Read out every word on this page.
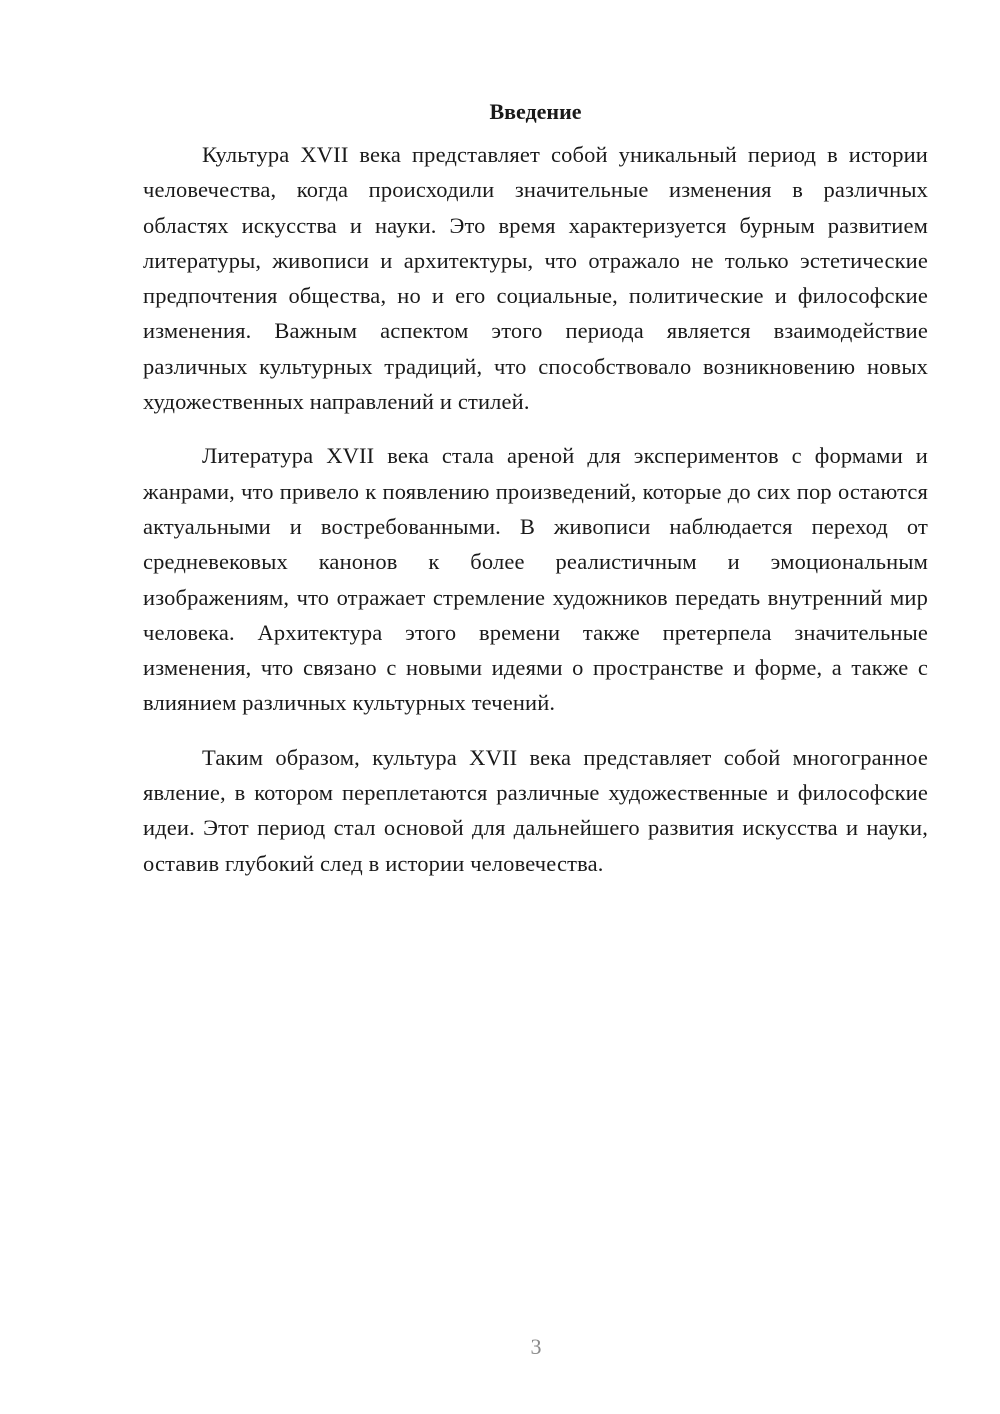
Введение

Культура XVII века представляет собой уникальный период в истории человечества, когда происходили значительные изменения в различных областях искусства и науки. Это время характеризуется бурным развитием литературы, живописи и архитектуры, что отражало не только эстетические предпочтения общества, но и его социальные, политические и философские изменения. Важным аспектом этого периода является взаимодействие различных культурных традиций, что способствовало возникновению новых художественных направлений и стилей.

Литература XVII века стала ареной для экспериментов с формами и жанрами, что привело к появлению произведений, которые до сих пор остаются актуальными и востребованными. В живописи наблюдается переход от средневековых канонов к более реалистичным и эмоциональным изображениям, что отражает стремление художников передать внутренний мир человека. Архитектура этого времени также претерпела значительные изменения, что связано с новыми идеями о пространстве и форме, а также с влиянием различных культурных течений.

Таким образом, культура XVII века представляет собой многогранное явление, в котором переплетаются различные художественные и философские идеи. Этот период стал основой для дальнейшего развития искусства и науки, оставив глубокий след в истории человечества.

3
